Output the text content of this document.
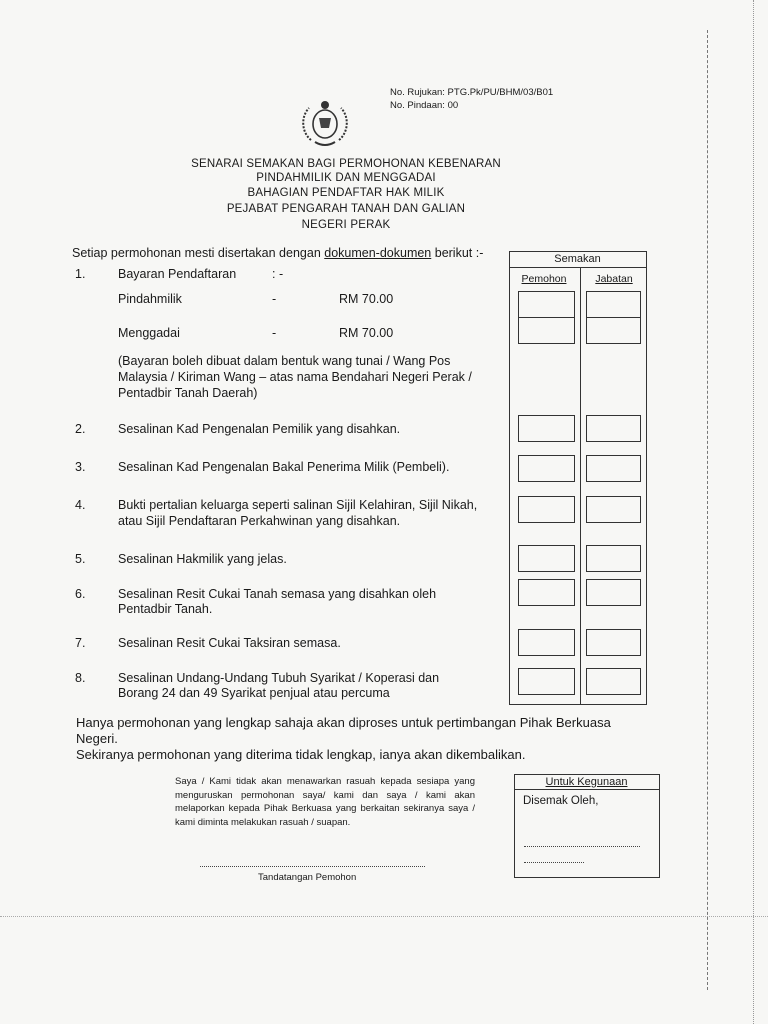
No. Rujukan: PTG.Pk/PU/BHM/03/B01
No. Pindaan: 00
SENARAI SEMAKAN BAGI PERMOHONAN KEBENARAN
PINDAHMILIK DAN MENGGADAI
BAHAGIAN PENDAFTAR HAK MILIK
PEJABAT PENGARAH TANAH DAN GALIAN
NEGERI PERAK
Setiap permohonan mesti disertakan dengan dokumen-dokumen berikut :-	Semakan
Pemohon	Jabatan
1.	Bayaran Pendaftaran	: -
Pindahmilik	-	RM 70.00
Menggadai	-	RM 70.00
(Bayaran boleh dibuat dalam bentuk wang tunai / Wang Pos
Malaysia / Kiriman Wang – atas nama Bendahari Negeri Perak /
Pentadbir Tanah Daerah)
2.	Sesalinan Kad Pengenalan Pemilik yang disahkan.
3.	Sesalinan Kad Pengenalan Bakal Penerima Milik (Pembeli).
4.	Bukti pertalian keluarga seperti salinan Sijil Kelahiran, Sijil Nikah,
atau Sijil Pendaftaran Perkahwinan yang disahkan.
5.	Sesalinan Hakmilik yang jelas.
6.	Sesalinan Resit Cukai Tanah semasa yang disahkan oleh
Pentadbir Tanah.
7.	Sesalinan Resit Cukai Taksiran semasa.
8.	Sesalinan Undang-Undang Tubuh Syarikat / Koperasi dan
Borang 24 dan 49 Syarikat penjual atau percuma
Hanya permohonan yang lengkap sahaja akan diproses untuk pertimbangan Pihak Berkuasa
Negeri.
Sekiranya permohonan yang diterima tidak lengkap, ianya akan dikembalikan.
Saya / Kami tidak akan menawarkan rasuah kepada sesiapa yang menguruskan permohonan saya/ kami dan saya / kami akan melaporkan kepada Pihak Berkuasa yang berkaitan sekiranya saya / kami diminta melakukan rasuah / suapan.
Tandatangan Pemohon
Untuk Kegunaan
Disemak Oleh,
